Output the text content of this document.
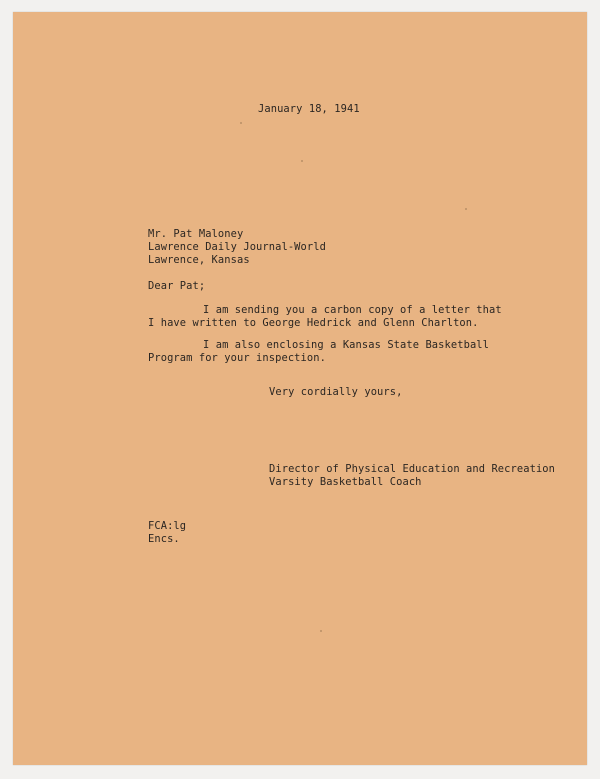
January 18, 1941
Mr. Pat Maloney
Lawrence Daily Journal-World
Lawrence, Kansas
Dear Pat;
I am sending you a carbon copy of a letter that
I have written to George Hedrick and Glenn Charlton.
I am also enclosing a Kansas State Basketball
Program for your inspection.
Very cordially yours,
Director of Physical Education and Recreation
Varsity Basketball Coach
FCA:lg
Encs.
